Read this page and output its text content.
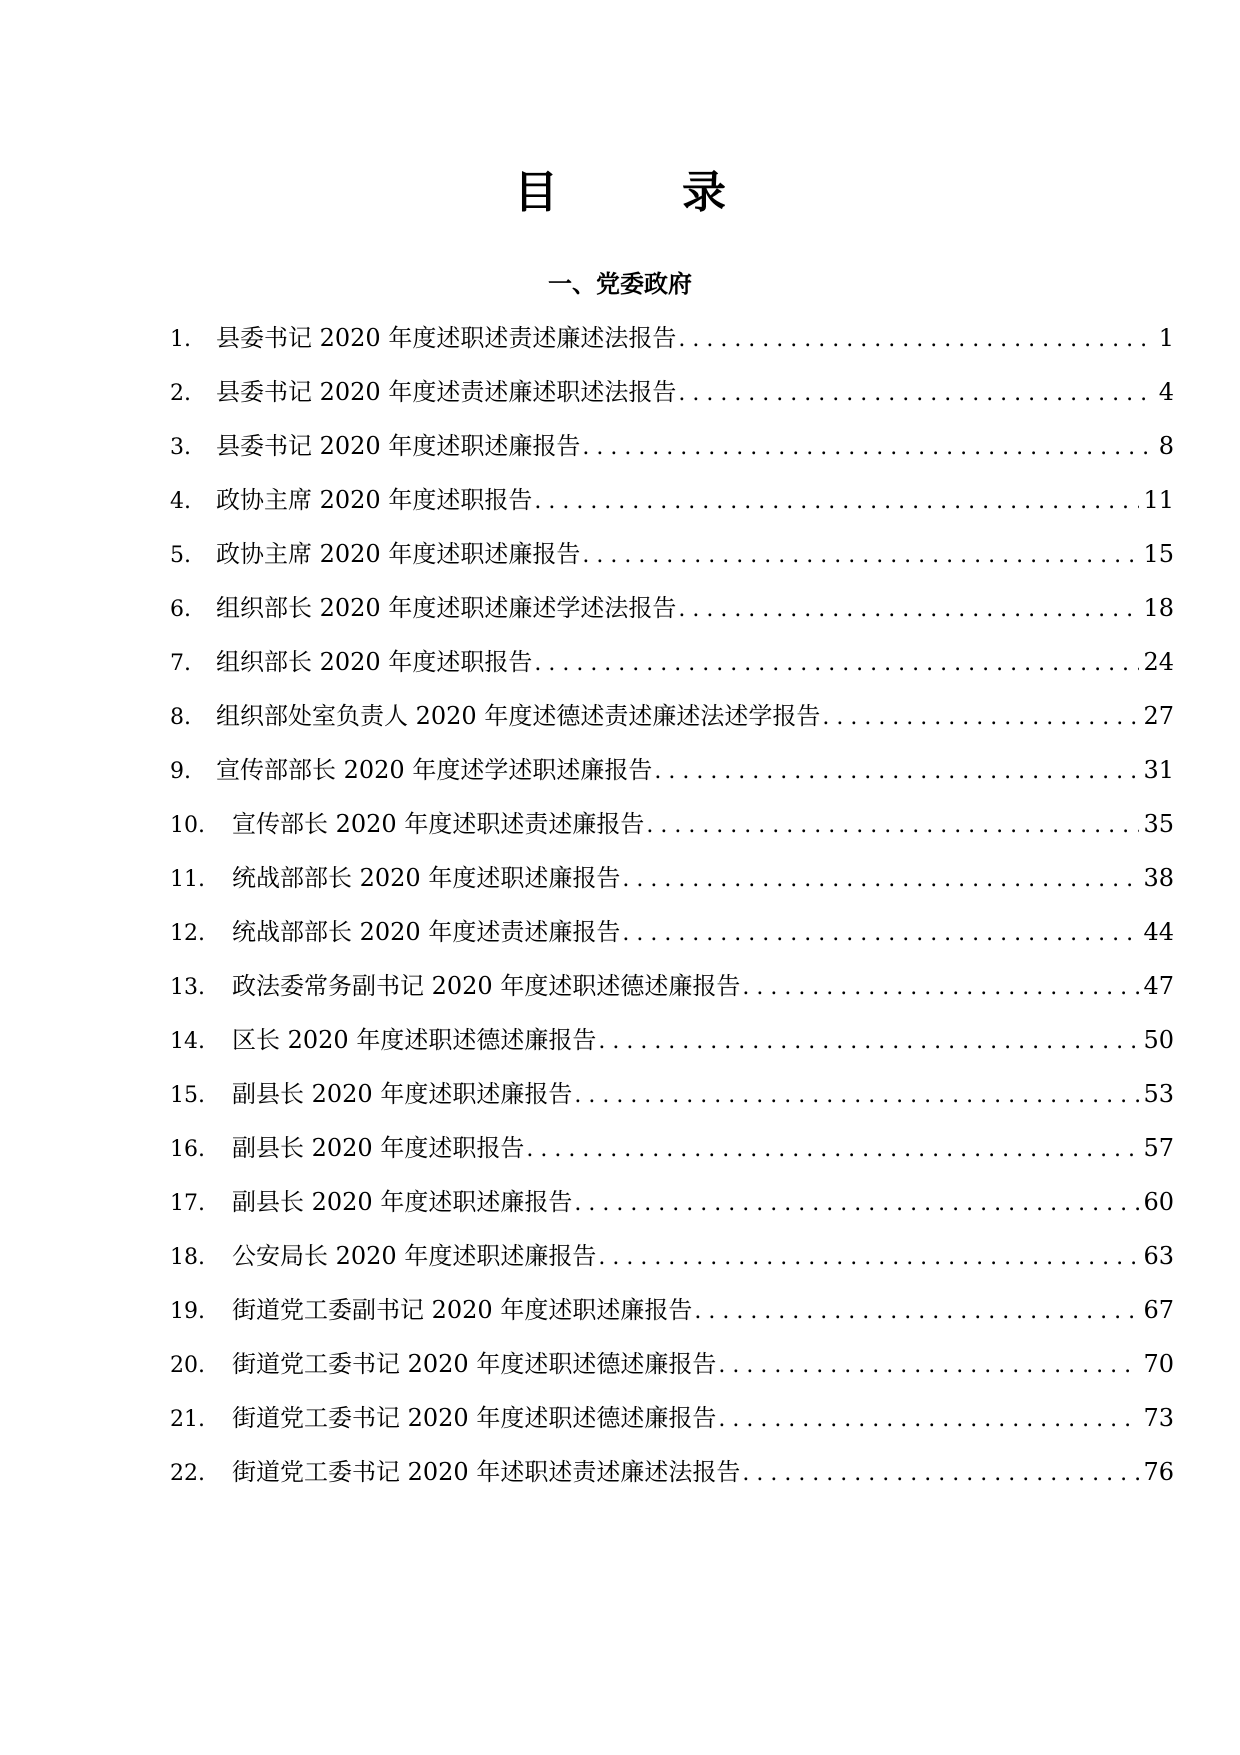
目　录
一、党委政府
1.	县委书记 2020 年度述职述责述廉述法报告 .....	1
2.	县委书记 2020 年度述责述廉述职述法报告 .....	4
3.	县委书记 2020 年度述职述廉报告 .....	8
4.	政协主席 2020 年度述职报告 .....	11
5.	政协主席 2020 年度述职述廉报告 .....	15
6.	组织部长 2020 年度述职述廉述学述法报告 .....	18
7.	组织部长 2020 年度述职报告 .....	24
8.	组织部处室负责人 2020 年度述德述责述廉述法述学报告 .....	27
9.	宣传部部长 2020 年度述学述职述廉报告 .....	31
10.	宣传部长 2020 年度述职述责述廉报告 .....	35
11.	统战部部长 2020 年度述职述廉报告 .....	38
12.	统战部部长 2020 年度述责述廉报告 .....	44
13.	政法委常务副书记 2020 年度述职述德述廉报告 .....	47
14.	区长 2020 年度述职述德述廉报告 .....	50
15.	副县长 2020 年度述职述廉报告 .....	53
16.	副县长 2020 年度述职报告 .....	57
17.	副县长 2020 年度述职述廉报告 .....	60
18.	公安局长 2020 年度述职述廉报告 .....	63
19.	街道党工委副书记 2020 年度述职述廉报告 .....	67
20.	街道党工委书记 2020 年度述职述德述廉报告 .....	70
21.	街道党工委书记 2020 年度述职述德述廉报告 .....	73
22.	街道党工委书记 2020 年述职述责述廉述法报告 .....	76
